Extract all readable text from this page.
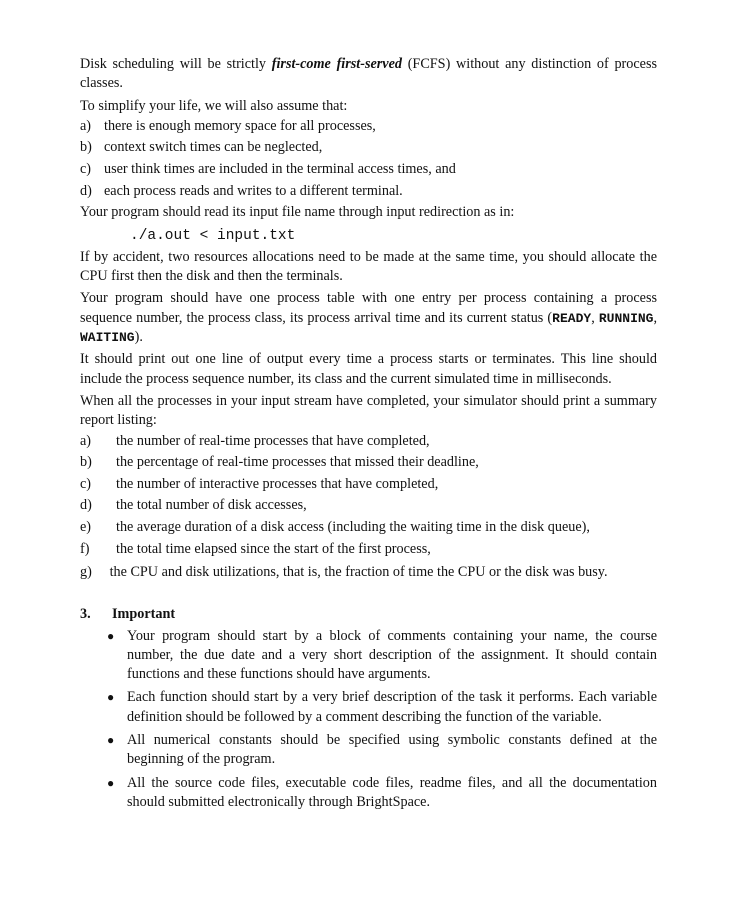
Disk scheduling will be strictly first-come first-served (FCFS) without any distinction of process classes.

To simplify your life, we will also assume that:

a) there is enough memory space for all processes,
b) context switch times can be neglected,
c) user think times are included in the terminal access times, and
d) each process reads and writes to a different terminal.

Your program should read its input file name through input redirection as in:

./a.out < input.txt

If by accident, two resources allocations need to be made at the same time, you should allocate the CPU first then the disk and then the terminals.

Your program should have one process table with one entry per process containing a process sequence number, the process class, its process arrival time and its current status (READY, RUNNING, WAITING).

It should print out one line of output every time a process starts or terminates. This line should include the process sequence number, its class and the current simulated time in milliseconds.

When all the processes in your input stream have completed, your simulator should print a summary report listing:

a)	the number of real-time processes that have completed,
b)	the percentage of real-time processes that missed their deadline,
c)	the number of interactive processes that have completed,
d)	the total number of disk accesses,
e)	the average duration of a disk access (including the waiting time in the disk queue),
f)	the total time elapsed since the start of the first process,

g) the CPU and disk utilizations, that is, the fraction of time the CPU or the disk was busy.

3.	Important
● Your program should start by a block of comments containing your name, the course number, the due date and a very short description of the assignment. It should contain functions and these functions should have arguments.

● Each function should start by a very brief description of the task it performs. Each variable definition should be followed by a comment describing the function of the variable.

● All numerical constants should be specified using symbolic constants defined at the beginning of the program.

● All the source code files, executable code files, readme files, and all the documentation should submitted electronically through BrightSpace.
